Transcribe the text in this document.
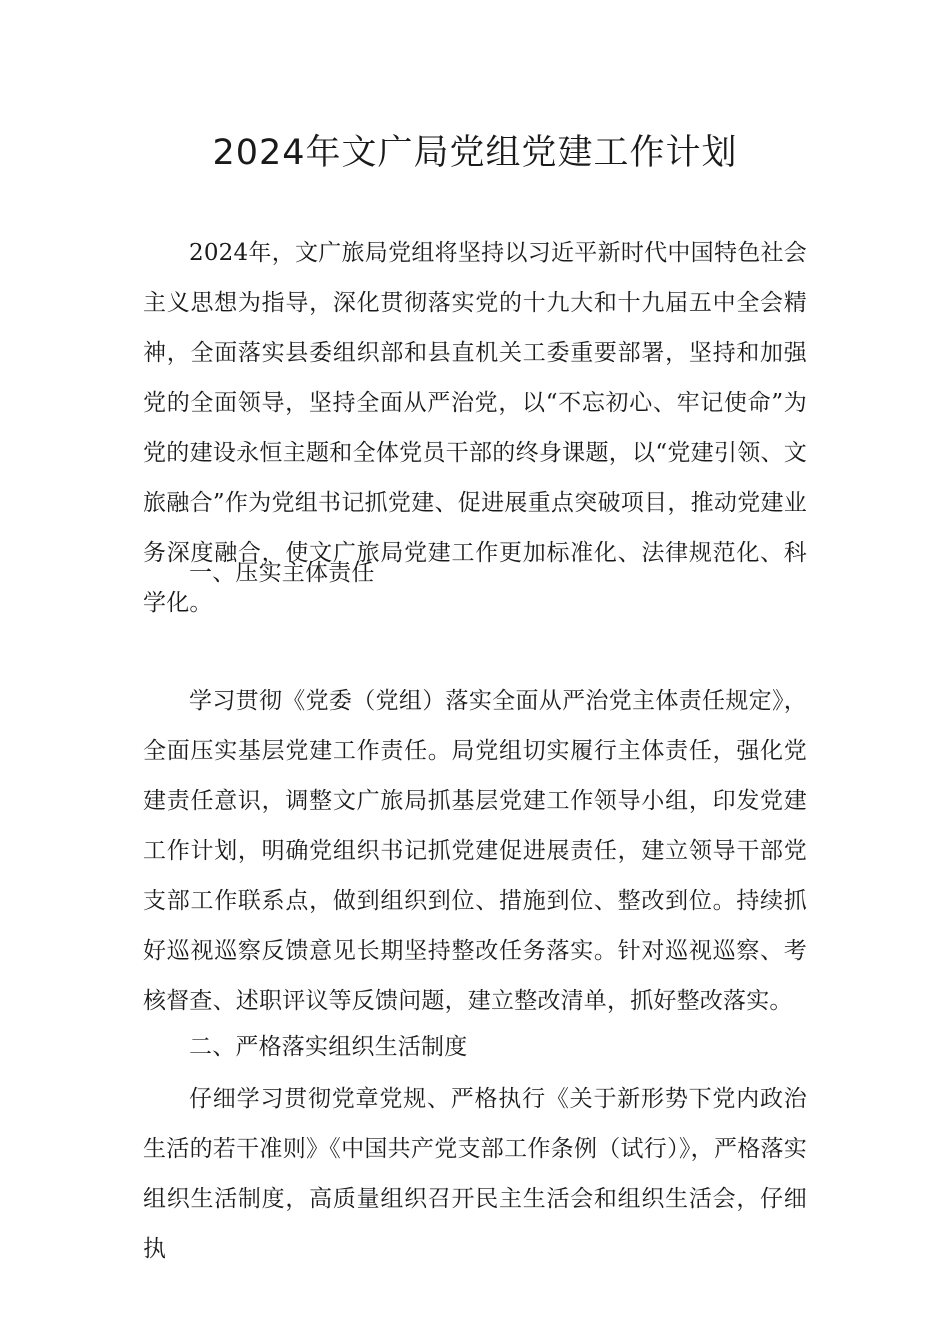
2024年文广局党组党建工作计划

2024年，文广旅局党组将坚持以习近平新时代中国特色社会主义思想为指导，深化贯彻落实党的十九大和十九届五中全会精神，全面落实县委组织部和县直机关工委重要部署，坚持和加强党的全面领导，坚持全面从严治党，以“不忘初心、牢记使命”为党的建设永恒主题和全体党员干部的终身课题，以“党建引领、文旅融合”作为党组书记抓党建、促进展重点突破项目，推动党建业务深度融合，使文广旅局党建工作更加标准化、法律规范化、科学化。

一、压实主体责任

学习贯彻《党委（党组）落实全面从严治党主体责任规定》，全面压实基层党建工作责任。局党组切实履行主体责任，强化党建责任意识，调整文广旅局抓基层党建工作领导小组，印发党建工作计划，明确党组织书记抓党建促进展责任，建立领导干部党支部工作联系点，做到组织到位、措施到位、整改到位。持续抓好巡视巡察反馈意见长期坚持整改任务落实。针对巡视巡察、考核督查、述职评议等反馈问题，建立整改清单，抓好整改落实。

二、严格落实组织生活制度

仔细学习贯彻党章党规、严格执行《关于新形势下党内政治生活的若干准则》《中国共产党支部工作条例（试行）》，严格落实组织生活制度，高质量组织召开民主生活会和组织生活会，仔细执
